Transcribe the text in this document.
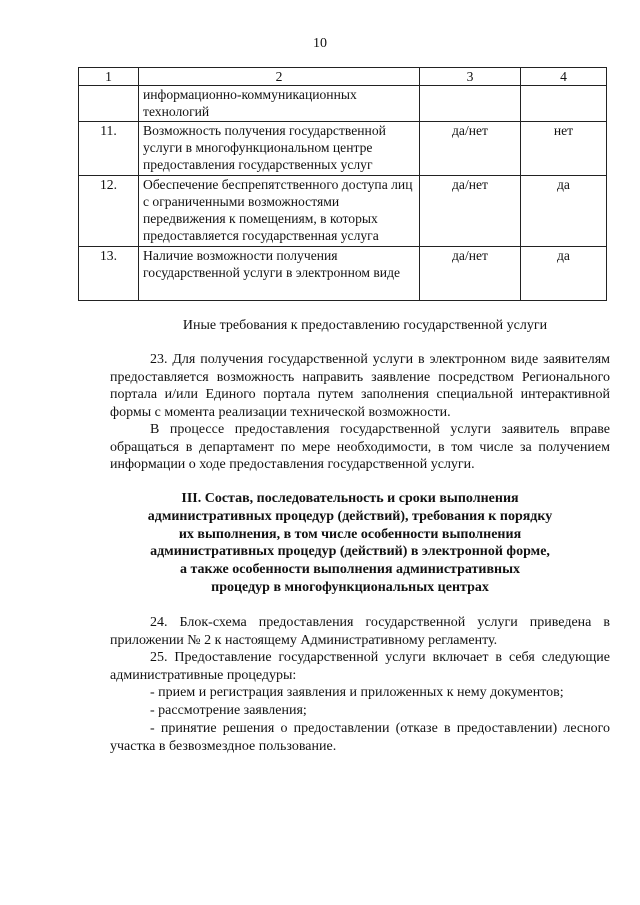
10
1	2	3	4
	информационно-коммуникационных технологий		
11.	Возможность получения государственной услуги в многофункциональном центре предоставления государственных услуг	да/нет	нет
12.	Обеспечение беспрепятственного доступа лиц с ограниченными возможностями передвижения к помещениям, в которых предоставляется государственная услуга	да/нет	да
13.	Наличие возможности получения государственной услуги в электронном виде	да/нет	да
Иные требования к предоставлению государственной услуги

23. Для получения государственной услуги в электронном виде заявителям предоставляется возможность направить заявление посредством Регионального портала и/или Единого портала путем заполнения специальной интерактивной формы с момента реализации технической возможности.

В процессе предоставления государственной услуги заявитель вправе обращаться в департамент по мере необходимости, в том числе за получением информации о ходе предоставления государственной услуги.

III. Состав, последовательность и сроки выполнения
административных процедур (действий), требования к порядку
их выполнения, в том числе особенности выполнения
административных процедур (действий) в электронной форме,
а также особенности выполнения административных
процедур в многофункциональных центрах

24. Блок-схема предоставления государственной услуги приведена в приложении № 2 к настоящему Административному регламенту.

25. Предоставление государственной услуги включает в себя следующие административные процедуры:

- прием и регистрация заявления и приложенных к нему документов;

- рассмотрение заявления;

- принятие решения о предоставлении (отказе в предоставлении) лесного участка в безвозмездное пользование.
